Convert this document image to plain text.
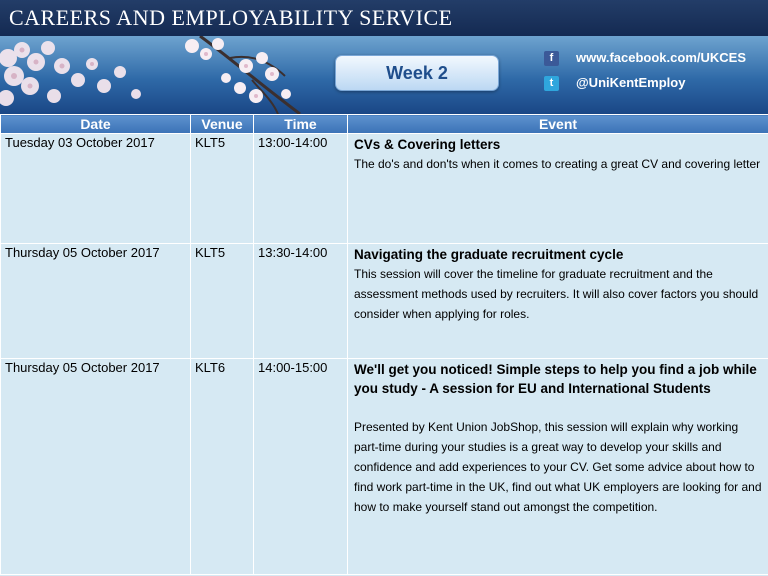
CAREERS AND EMPLOYABILITY SERVICE
Week 2
f	www.facebook.com/UKCES
t	@UniKentEmploy
Date	Venue	Time	Event
Tuesday 03 October 2017	KLT5	13:00-14:00	CVs & Covering letters

The do's and don'ts when it comes to creating a great CV and covering letter

Thursday 05 October 2017	KLT5	13:30-14:00	Navigating the graduate recruitment cycle

This session will cover the timeline for graduate recruitment and the assessment methods used by recruiters. It will also cover factors you should consider when applying for roles.

Thursday 05 October 2017	KLT6	14:00-15:00	We'll get you noticed! Simple steps to help you find a job while you study - A session for EU and International Students

Presented by Kent Union JobShop, this session will explain why working part-time during your studies is a great way to develop your skills and confidence and add experiences to your CV. Get some advice about how to find work part-time in the UK, find out what UK employers are looking for and how to make yourself stand out amongst the competition.
